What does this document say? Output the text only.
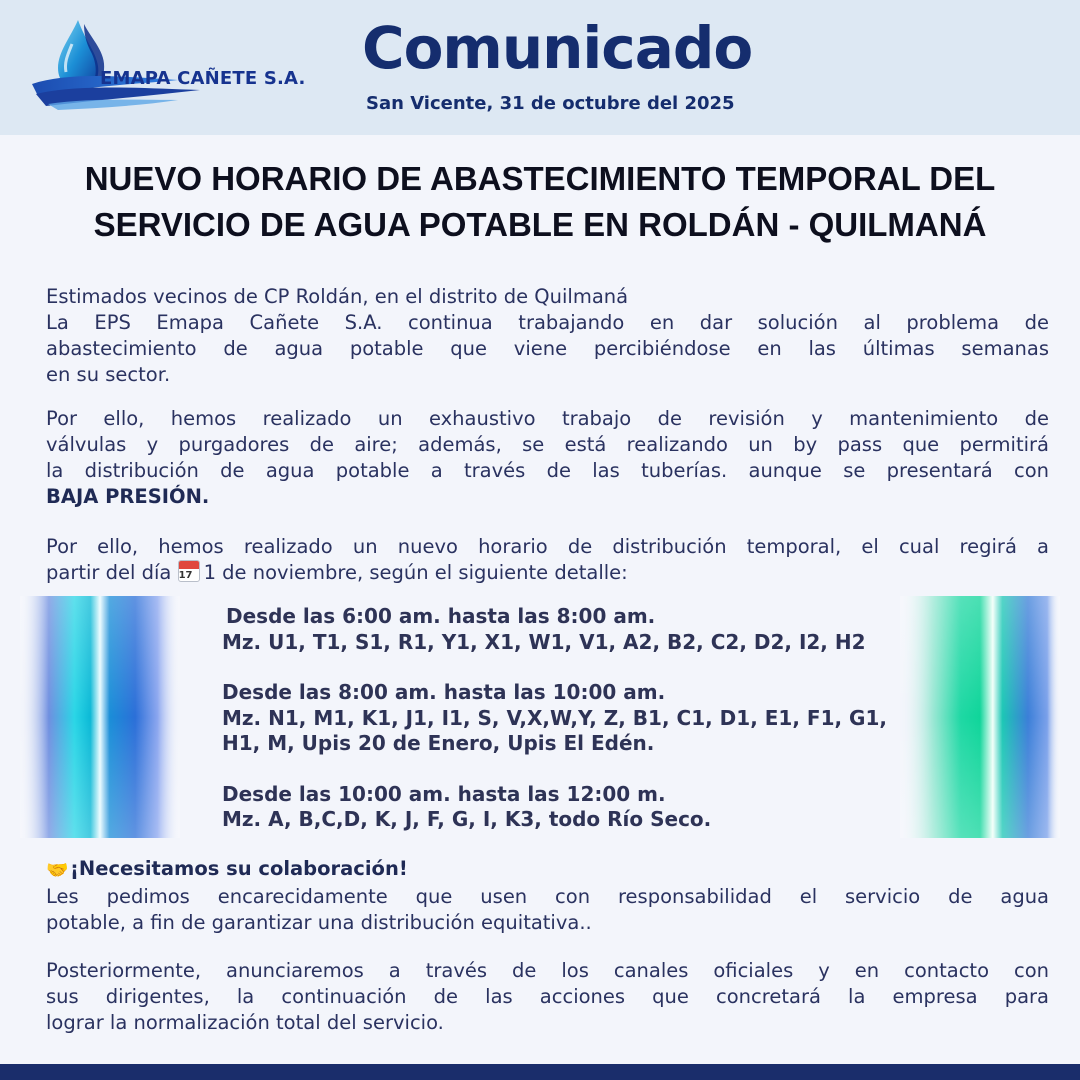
EMAPA CAÑETE S.A. Comunicado
San Vicente, 31 de octubre del 2025
NUEVO HORARIO DE ABASTECIMIENTO TEMPORAL DEL
SERVICIO DE AGUA POTABLE EN ROLDÁN - QUILMANÁ
Estimados vecinos de CP Roldán, en el distrito de Quilmaná
La EPS Emapa Cañete S.A. continua trabajando en dar solución al problema de
abastecimiento de agua potable que viene percibiéndose en las últimas semanas
en su sector.
Por ello, hemos realizado un exhaustivo trabajo de revisión y mantenimiento de
válvulas y purgadores de aire; además, se está realizando un by pass que permitirá
la distribución de agua potable a través de las tuberías. aunque se presentará con
BAJA PRESIÓN.
Por ello, hemos realizado un nuevo horario de distribución temporal, el cual regirá a
partir del día 17 1 de noviembre, según el siguiente detalle:
Desde las 6:00 am. hasta las 8:00 am.
Mz. U1, T1, S1, R1, Y1, X1, W1, V1, A2, B2, C2, D2, I2, H2
Desde las 8:00 am. hasta las 10:00 am.
Mz. N1, M1, K1, J1, I1, S, V,X,W,Y, Z, B1, C1, D1, E1, F1, G1,
H1, M, Upis 20 de Enero, Upis El Edén.
Desde las 10:00 am. hasta las 12:00 m.
Mz. A, B,C,D, K, J, F, G, I, K3, todo Río Seco.
🤝¡Necesitamos su colaboración!
Les pedimos encarecidamente que usen con responsabilidad el servicio de agua
potable, a fin de garantizar una distribución equitativa..
Posteriormente, anunciaremos a través de los canales oficiales y en contacto con
sus dirigentes, la continuación de las acciones que concretará la empresa para
lograr la normalización total del servicio.
